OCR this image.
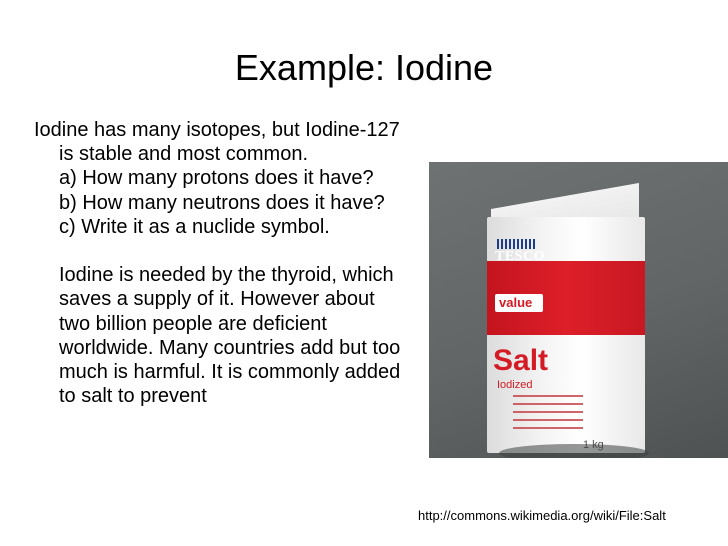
Example: Iodine

Iodine has many isotopes, but Iodine-127 is stable and most common.

a) How many protons does it have?

b) How many neutrons does it have?

c) Write it as a nuclide symbol.

Iodine is needed by the thyroid, which saves a supply of it. However about two billion people are deficient worldwide. Many countries add but too much is harmful. It is commonly added to salt to prevent

TESCO
value
Salt
Iodized
http://commons.wikimedia.org/wiki/File:Salt
